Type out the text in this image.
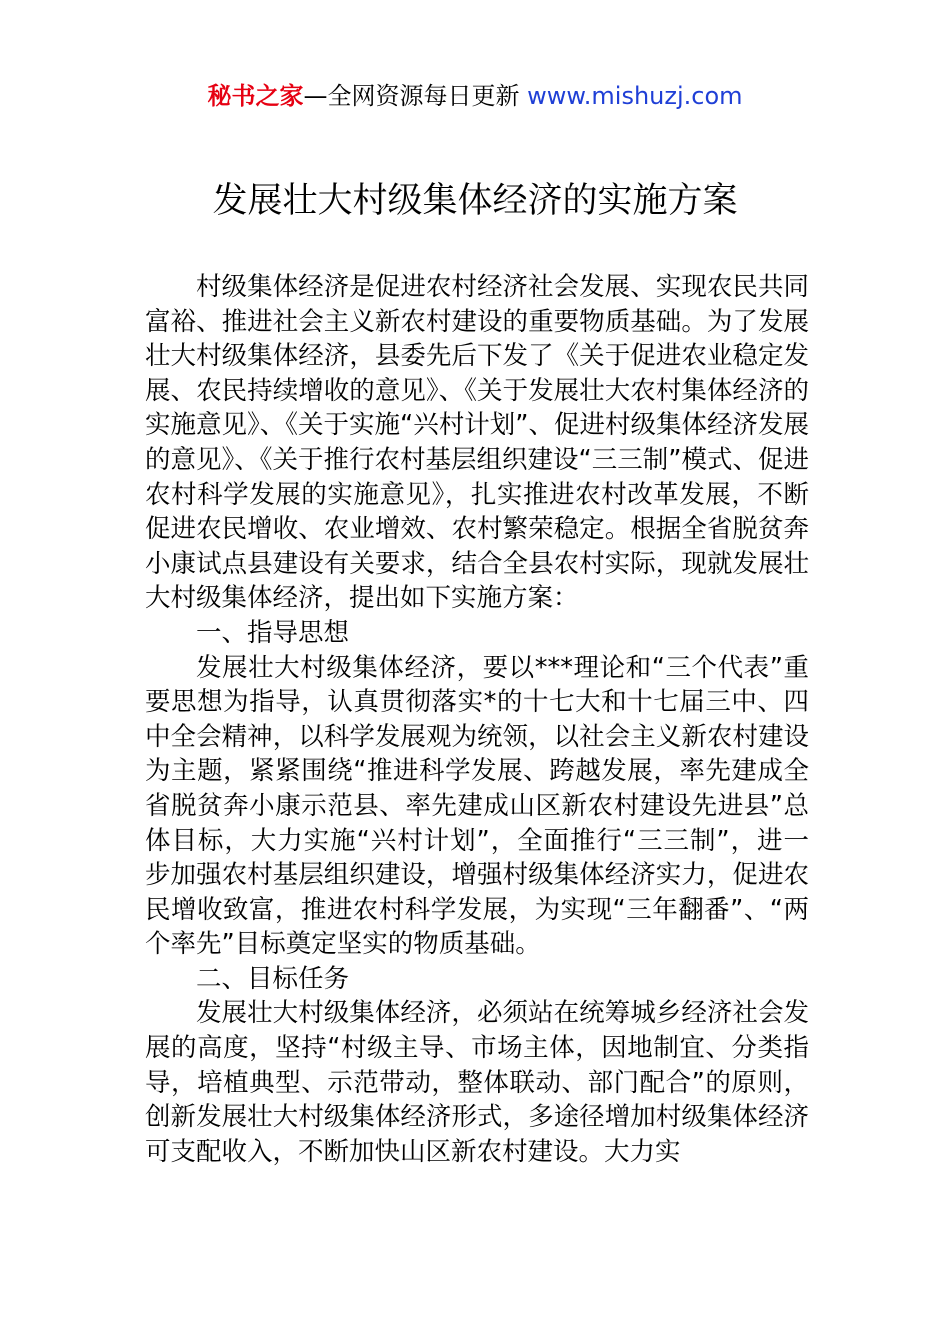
秘书之家—全网资源每日更新 www.mishuzj.com
发展壮大村级集体经济的实施方案

村级集体经济是促进农村经济社会发展、实现农民共同富裕、推进社会主义新农村建设的重要物质基础。为了发展壮大村级集体经济，县委先后下发了《关于促进农业稳定发展、农民持续增收的意见》、《关于发展壮大农村集体经济的实施意见》、《关于实施“兴村计划”、促进村级集体经济发展的意见》、《关于推行农村基层组织建设“三三制”模式、促进农村科学发展的实施意见》，扎实推进农村改革发展，不断促进农民增收、农业增效、农村繁荣稳定。根据全省脱贫奔小康试点县建设有关要求，结合全县农村实际，现就发展壮大村级集体经济，提出如下实施方案：

一、指导思想

发展壮大村级集体经济，要以***理论和“三个代表”重要思想为指导，认真贯彻落实*的十七大和十七届三中、四中全会精神，以科学发展观为统领，以社会主义新农村建设为主题，紧紧围绕“推进科学发展、跨越发展，率先建成全省脱贫奔小康示范县、率先建成山区新农村建设先进县”总体目标，大力实施“兴村计划”，全面推行“三三制”，进一步加强农村基层组织建设，增强村级集体经济实力，促进农民增收致富，推进农村科学发展，为实现“三年翻番”、“两个率先”目标奠定坚实的物质基础。

二、目标任务

发展壮大村级集体经济，必须站在统筹城乡经济社会发展的高度，坚持“村级主导、市场主体，因地制宜、分类指导，培植典型、示范带动，整体联动、部门配合”的原则，创新发展壮大村级集体经济形式，多途径增加村级集体经济可支配收入，不断加快山区新农村建设。大力实
